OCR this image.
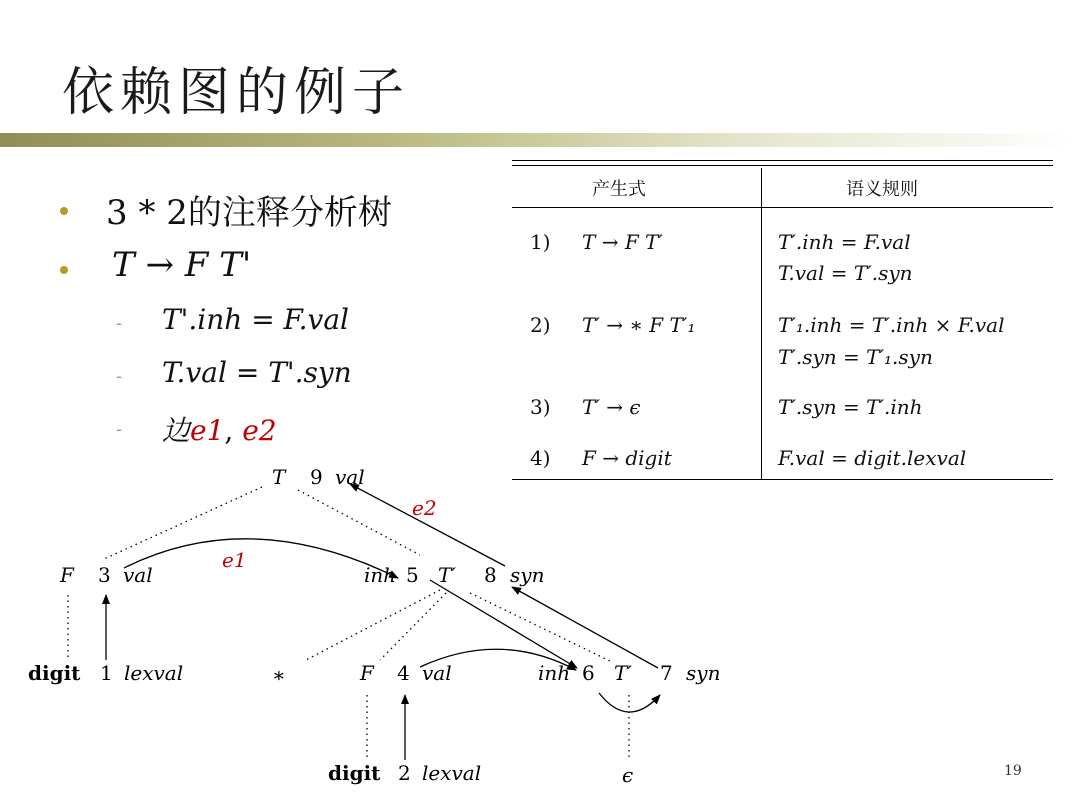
依赖图的例子
3 * 2的注释分析树
T → F T'
- T'.inh = F.val
- T.val = T'.syn
- 边e1, e2
产生式	语义规则
1) T → F T′	T′.inh = F.val
T.val = T′.syn
2) T′ → ∗ F T′₁	T′₁.inh = T′.inh × F.val
T′.syn = T′₁.syn
3) T′ → ϵ	T′.syn = T′.inh
4) F → digit	F.val = digit.lexval
T 9 val
F 3 val	inh 5 T′ 8 syn
digit 1 lexval	∗	F 4 val	inh 6 T′ 7 syn
digit 2 lexval	ϵ
e1
e2
19
